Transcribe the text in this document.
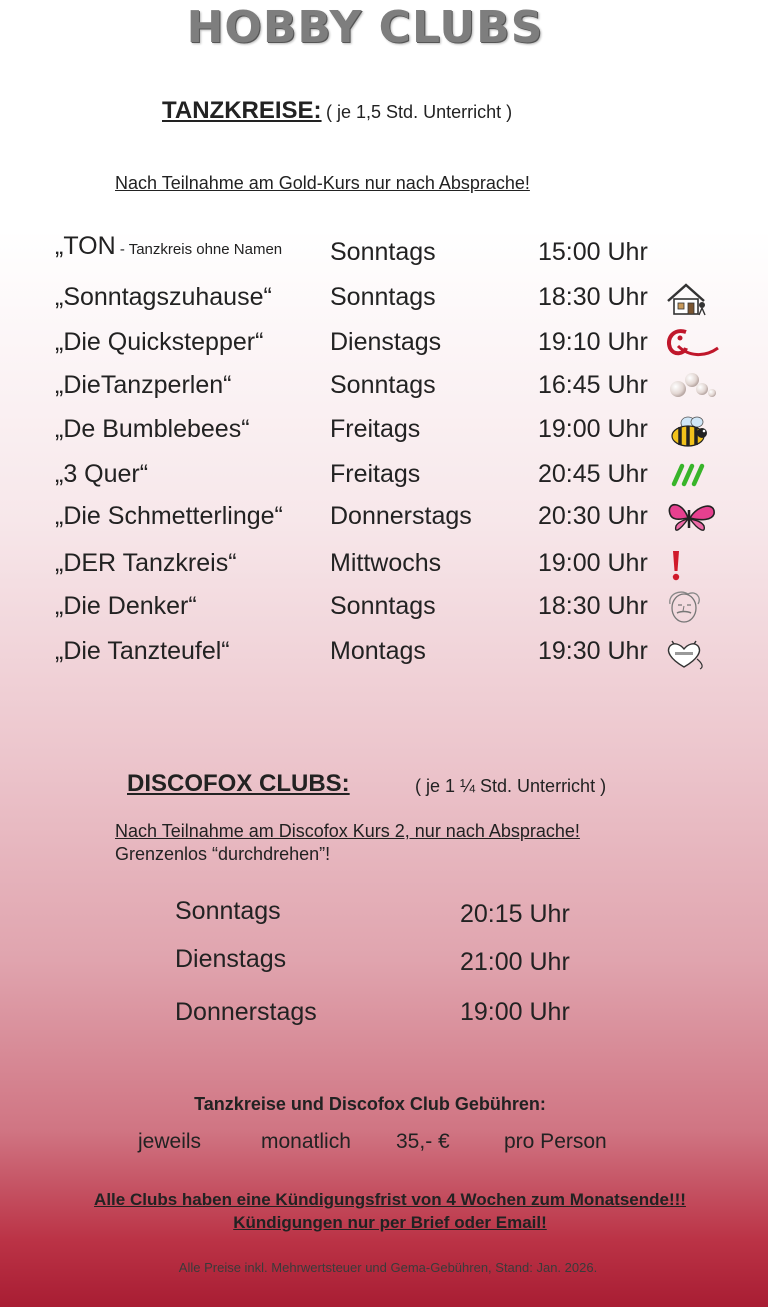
HOBBY CLUBS
TANZKREISE: ( je 1,5 Std. Unterricht )
Nach Teilnahme am Gold-Kurs nur nach Absprache!
„TON - Tanzkreis ohne Namen Sonntags	15:00 Uhr
„Sonntagszuhause“ Sonntags	18:30 Uhr
„Die Quickstepper“	Dienstags	19:10 Uhr
„DieTanzperlen“	Sonntags	16:45 Uhr
„De Bumblebees“	Freitags	19:00 Uhr
„3 Quer“	Freitags	20:45 Uhr
„Die Schmetterlinge“ Donnerstags	20:30 Uhr
„DER Tanzkreis“	Mittwochs	19:00 Uhr
„Die Denker“	Sonntags	18:30 Uhr
„Die Tanzteufel“	Montags	19:30 Uhr
DISCOFOX CLUBS:	( je 1 ¼ Std. Unterricht )
Nach Teilnahme am Discofox Kurs 2, nur nach Absprache!
Grenzenlos “durchdrehen”!
Sonntags	20:15 Uhr
Dienstags	21:00 Uhr
Donnerstags	19:00 Uhr
Tanzkreise und Discofox Club Gebühren:
jeweils	monatlich 35,- €	pro Person
Alle Clubs haben eine Kündigungsfrist von 4 Wochen zum Monatsende!!!
Kündigungen nur per Brief oder Email!
Alle Preise inkl. Mehrwertsteuer und Gema-Gebühren, Stand: Jan. 2026.
